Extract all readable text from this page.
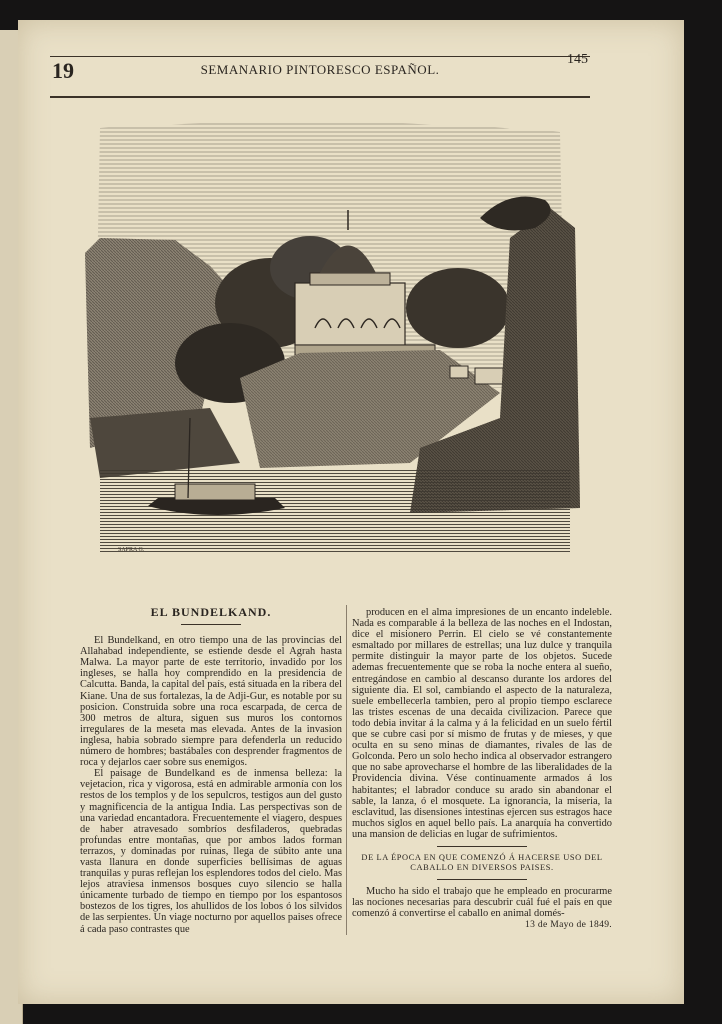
19	SEMANARIO PINTORESCO ESPAÑOL.
145
SAPRA G.
EL BUNDELKAND.

El Bundelkand, en otro tiempo una de las provincias del Allahabad independiente, se estiende desde el Agrah hasta Malwa. La mayor parte de este territorio, invadido por los ingleses, se halla hoy comprendido en la presidencia de Calcutta. Banda, la capital del país, está situada en la ribera del Kiane. Una de sus fortalezas, la de Adji-Gur, es notable por su posicion. Construida sobre una roca escarpada, de cerca de 300 metros de altura, siguen sus muros los contornos irregulares de la meseta mas elevada. Antes de la invasion inglesa, habia sobrado siempre para defenderla un reducido número de hombres; bastábales con desprender fragmentos de roca y dejarlos caer sobre sus enemigos.

El paisage de Bundelkand es de inmensa belleza: la vejetacion, rica y vigorosa, está en admirable armonía con los restos de los templos y de los sepulcros, testigos aun del gusto y magnificencia de la antigua India. Las perspectivas son de una variedad encantadora. Frecuentemente el viagero, despues de haber atravesado sombríos desfiladeros, quebradas profundas entre montañas, que por ambos lados forman terrazos, y dominadas por ruinas, llega de súbito ante una vasta llanura en donde superficies bellísimas de aguas tranquilas y puras reflejan los esplendores todos del cielo. Mas lejos atraviesa inmensos bosques cuyo silencio se halla únicamente turbado de tiempo en tiempo por los espantosos bostezos de los tigres, los ahullidos de los lobos ó los silvidos de las serpientes. Un viage nocturno por aquellos paises ofrece á cada paso contrastes que

producen en el alma impresiones de un encanto indeleble. Nada es comparable á la belleza de las noches en el Indostan, dice el misionero Perrin. El cielo se vé constantemente esmaltado por millares de estrellas; una luz dulce y tranquila permite distinguir la mayor parte de los objetos. Sucede ademas frecuentemente que se roba la noche entera al sueño, entregándose en cambio al descanso durante los ardores del siguiente dia. El sol, cambiando el aspecto de la naturaleza, suele embellecerla tambien, pero al propio tiempo esclarece las tristes escenas de una decaida civilizacion. Parece que todo debia invitar á la calma y á la felicidad en un suelo fértil que se cubre casi por sí mismo de frutas y de mieses, y que oculta en su seno minas de diamantes, rivales de las de Golconda. Pero un solo hecho indica al observador estrangero que no sabe aprovecharse el hombre de las liberalidades de la Providencia divina. Vése continuamente armados á los habitantes; el labrador conduce su arado sin abandonar el sable, la lanza, ó el mosquete. La ignorancia, la miseria, la esclavitud, las disensiones intestinas ejercen sus estragos hace muchos siglos en aquel bello país. La anarquía ha convertido una mansion de delicias en lugar de sufrimientos.

DE LA ÉPOCA EN QUE COMENZÓ Á HACERSE USO DEL CABALLO EN DIVERSOS PAISES.

Mucho ha sido el trabajo que he empleado en procurarme las nociones necesarias para descubrir cuál fué el país en que comenzó á convertirse el caballo en animal domés-

13 de Mayo de 1849.
